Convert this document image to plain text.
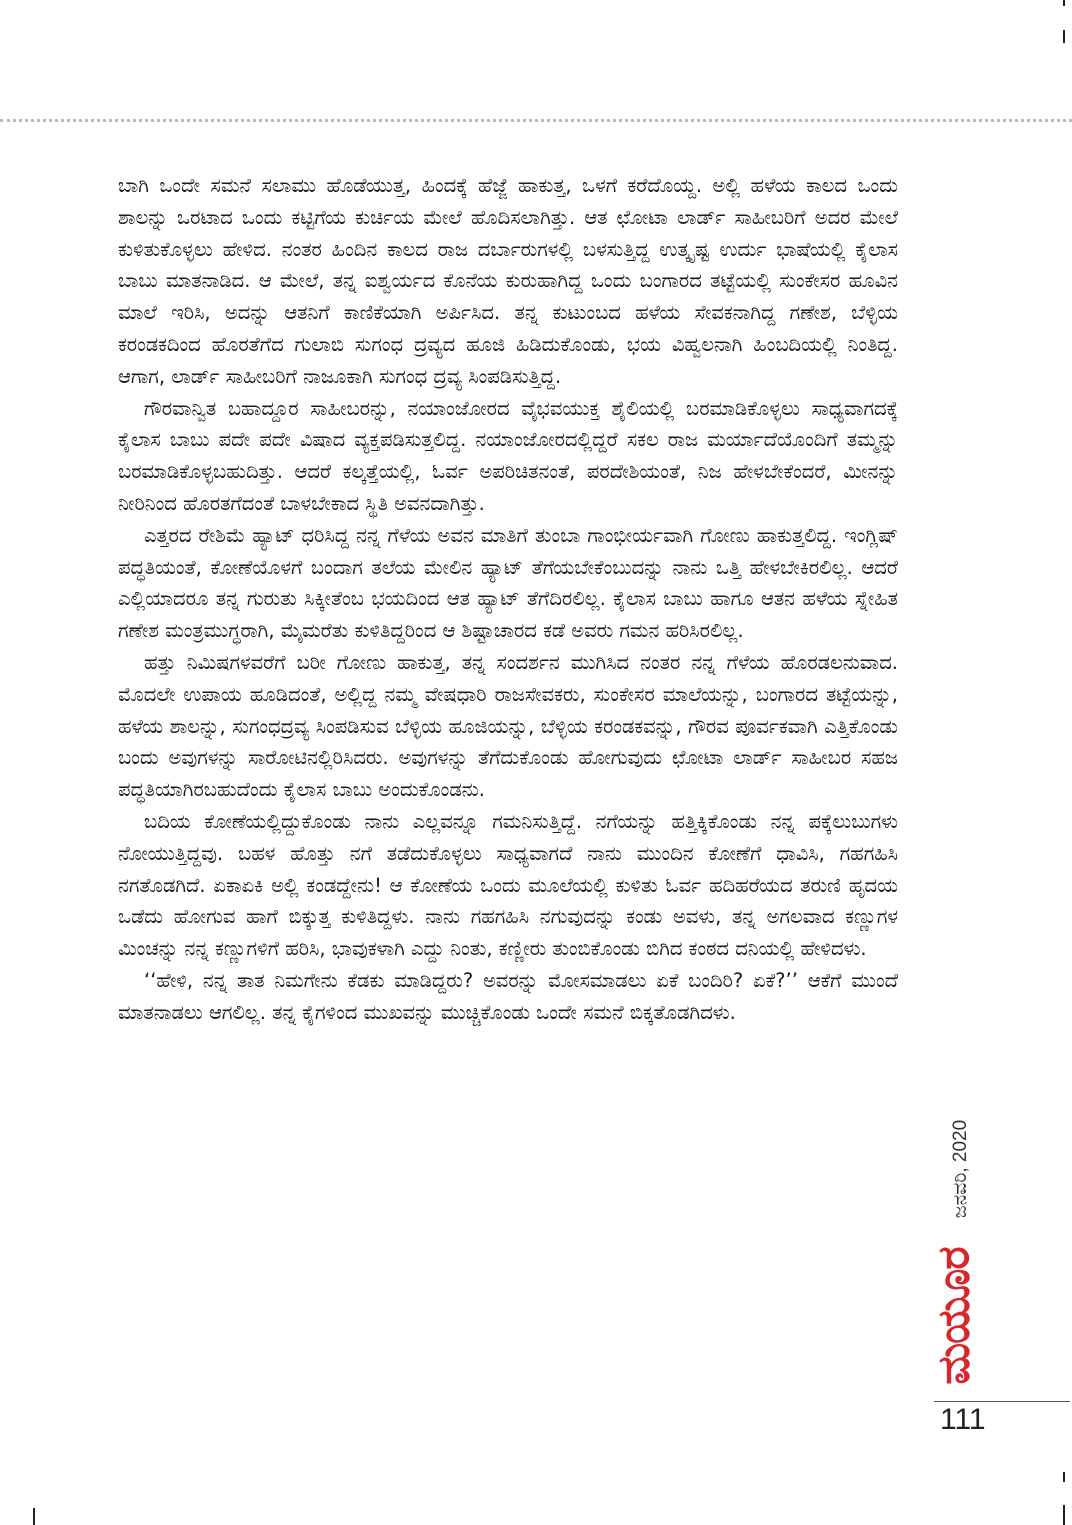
ಬಾಗಿ ಒಂದೇ ಸಮನೆ ಸಲಾಮು ಹೊಡೆಯುತ್ತ, ಹಿಂದಕ್ಕೆ ಹೆಜ್ಜೆ ಹಾಕುತ್ತ, ಒಳಗೆ ಕರೆದೊಯ್ದ. ಅಲ್ಲಿ ಹಳೆಯ ಕಾಲದ ಒಂದು ಶಾಲನ್ನು ಒರಟಾದ ಒಂದು ಕಟ್ಟಿಗೆಯ ಕುರ್ಚಿಯ ಮೇಲೆ ಹೊದಿಸಲಾಗಿತ್ತು. ಆತ ಛೋಟಾ ಲಾರ್ಡ್ ಸಾಹೀಬರಿಗೆ ಅದರ ಮೇಲೆ ಕುಳಿತುಕೊಳ್ಳಲು ಹೇಳಿದ. ನಂತರ ಹಿಂದಿನ ಕಾಲದ ರಾಜ ದರ್ಬಾರುಗಳಲ್ಲಿ ಬಳಸುತ್ತಿದ್ದ ಉತ್ಕೃಷ್ಟ ಉರ್ದು ಭಾಷೆಯಲ್ಲಿ ಕೈಲಾಸ ಬಾಬು ಮಾತನಾಡಿದ. ಆ ಮೇಲೆ, ತನ್ನ ಐಶ್ವರ್ಯದ ಕೊನೆಯ ಕುರುಹಾಗಿದ್ದ ಒಂದು ಬಂಗಾರದ ತಟ್ಟೆಯಲ್ಲಿ ಸುಂಕೇಸರ ಹೂವಿನ ಮಾಲೆ ಇರಿಸಿ, ಅದನ್ನು ಆತನಿಗೆ ಕಾಣಿಕೆಯಾಗಿ ಅರ್ಪಿಸಿದ. ತನ್ನ ಕುಟುಂಬದ ಹಳೆಯ ಸೇವಕನಾಗಿದ್ದ ಗಣೇಶ, ಬೆಳ್ಳಿಯ ಕರಂಡಕದಿಂದ ಹೊರತೆಗೆದ ಗುಲಾಬಿ ಸುಗಂಧ ದ್ರವ್ಯದ ಹೂಜಿ ಹಿಡಿದುಕೊಂಡು, ಭಯ ವಿಹ್ವಲನಾಗಿ ಹಿಂಬದಿಯಲ್ಲಿ ನಿಂತಿದ್ದ. ಆಗಾಗ, ಲಾರ್ಡ್ ಸಾಹೀಬರಿಗೆ ನಾಜೂಕಾಗಿ ಸುಗಂಧ ದ್ರವ್ಯ ಸಿಂಪಡಿಸುತ್ತಿದ್ದ.

ಗೌರವಾನ್ವಿತ ಬಹಾದ್ದೂರ ಸಾಹೀಬರನ್ನು, ನಯಾಂಜೋರದ ವೈಭವಯುಕ್ತ ಶೈಲಿಯಲ್ಲಿ ಬರಮಾಡಿಕೊಳ್ಳಲು ಸಾಧ್ಯವಾಗದಕ್ಕೆ ಕೈಲಾಸ ಬಾಬು ಪದೇ ಪದೇ ವಿಷಾದ ವ್ಯಕ್ತಪಡಿಸುತ್ತಲಿದ್ದ. ನಯಾಂಜೋರದಲ್ಲಿದ್ದರೆ ಸಕಲ ರಾಜ ಮರ್ಯಾದೆಯೊಂದಿಗೆ ತಮ್ಮನ್ನು ಬರಮಾಡಿಕೊಳ್ಳಬಹುದಿತ್ತು. ಆದರೆ ಕಲ್ಕತ್ತೆಯಲ್ಲಿ, ಓರ್ವ ಅಪರಿಚಿತನಂತೆ, ಪರದೇಶಿಯಂತೆ, ನಿಜ ಹೇಳಬೇಕೆಂದರೆ, ಮೀನನ್ನು ನೀರಿನಿಂದ ಹೊರತಗೆದಂತೆ ಬಾಳಬೇಕಾದ ಸ್ಥಿತಿ ಅವನದಾಗಿತ್ತು.

ಎತ್ತರದ ರೇಶಿಮೆ ಹ್ಯಾಟ್ ಧರಿಸಿದ್ದ ನನ್ನ ಗೆಳೆಯ ಅವನ ಮಾತಿಗೆ ತುಂಬಾ ಗಾಂಭೀರ್ಯವಾಗಿ ಗೋಣು ಹಾಕುತ್ತಲಿದ್ದ. ಇಂಗ್ಲಿಷ್ ಪದ್ಧತಿಯಂತೆ, ಕೋಣೆಯೊಳಗೆ ಬಂದಾಗ ತಲೆಯ ಮೇಲಿನ ಹ್ಯಾಟ್ ತೆಗೆಯಬೇಕೆಂಬುದನ್ನು ನಾನು ಒತ್ತಿ ಹೇಳಬೇಕಿರಲಿಲ್ಲ. ಆದರೆ ಎಲ್ಲಿಯಾದರೂ ತನ್ನ ಗುರುತು ಸಿಕ್ಕೀತೆಂಬ ಭಯದಿಂದ ಆತ ಹ್ಯಾಟ್ ತೆಗೆದಿರಲಿಲ್ಲ. ಕೈಲಾಸ ಬಾಬು ಹಾಗೂ ಆತನ ಹಳೆಯ ಸ್ನೇಹಿತ ಗಣೇಶ ಮಂತ್ರಮುಗ್ಧರಾಗಿ, ಮೈಮರೆತು ಕುಳಿತಿದ್ದರಿಂದ ಆ ಶಿಷ್ಟಾಚಾರದ ಕಡೆ ಅವರು ಗಮನ ಹರಿಸಿರಲಿಲ್ಲ.

ಹತ್ತು ನಿಮಿಷಗಳವರೆಗೆ ಬರೀ ಗೋಣು ಹಾಕುತ್ತ, ತನ್ನ ಸಂದರ್ಶನ ಮುಗಿಸಿದ ನಂತರ ನನ್ನ ಗೆಳೆಯ ಹೊರಡಲನುವಾದ. ಮೊದಲೇ ಉಪಾಯ ಹೂಡಿದಂತೆ, ಅಲ್ಲಿದ್ದ ನಮ್ಮ ವೇಷಧಾರಿ ರಾಜಸೇವಕರು, ಸುಂಕೇಸರ ಮಾಲೆಯನ್ನು, ಬಂಗಾರದ ತಟ್ಟೆಯನ್ನು, ಹಳೆಯ ಶಾಲನ್ನು, ಸುಗಂಧದ್ರವ್ಯ ಸಿಂಪಡಿಸುವ ಬೆಳ್ಳಿಯ ಹೂಜಿಯನ್ನು, ಬೆಳ್ಳಿಯ ಕರಂಡಕವನ್ನು, ಗೌರವ ಪೂರ್ವಕವಾಗಿ ಎತ್ತಿಕೊಂಡು ಬಂದು ಅವುಗಳನ್ನು ಸಾರೋಟಿನಲ್ಲಿರಿಸಿದರು. ಅವುಗಳನ್ನು ತೆಗೆದುಕೊಂಡು ಹೋಗುವುದು ಛೋಟಾ ಲಾರ್ಡ್ ಸಾಹೀಬರ ಸಹಜ ಪದ್ಧತಿಯಾಗಿರಬಹುದೆಂದು ಕೈಲಾಸ ಬಾಬು ಅಂದುಕೊಂಡನು.

ಬದಿಯ ಕೋಣೆಯಲ್ಲಿದ್ದುಕೊಂಡು ನಾನು ಎಲ್ಲವನ್ನೂ ಗಮನಿಸುತ್ತಿದ್ದೆ. ನಗೆಯನ್ನು ಹತ್ತಿಕ್ಕಿಕೊಂಡು ನನ್ನ ಪಕ್ಕೆಲುಬುಗಳು ನೋಯುತ್ತಿದ್ದವು. ಬಹಳ ಹೊತ್ತು ನಗೆ ತಡೆದುಕೊಳ್ಳಲು ಸಾಧ್ಯವಾಗದೆ ನಾನು ಮುಂದಿನ ಕೋಣೆಗೆ ಧಾವಿಸಿ, ಗಹಗಹಿಸಿ ನಗತೊಡಗಿದೆ. ಏಕಾಏಕಿ ಅಲ್ಲಿ ಕಂಡದ್ದೇನು! ಆ ಕೋಣೆಯ ಒಂದು ಮೂಲೆಯಲ್ಲಿ ಕುಳಿತು ಓರ್ವ ಹದಿಹರೆಯದ ತರುಣಿ ಹೃದಯ ಒಡೆದು ಹೋಗುವ ಹಾಗೆ ಬಿಕ್ಕುತ್ತ ಕುಳಿತಿದ್ದಳು. ನಾನು ಗಹಗಹಿಸಿ ನಗುವುದನ್ನು ಕಂಡು ಅವಳು, ತನ್ನ ಅಗಲವಾದ ಕಣ್ಣುಗಳ ಮಿಂಚನ್ನು ನನ್ನ ಕಣ್ಣುಗಳಿಗೆ ಹರಿಸಿ, ಭಾವುಕಳಾಗಿ ಎದ್ದು ನಿಂತು, ಕಣ್ಣೀರು ತುಂಬಿಕೊಂಡು ಬಿಗಿದ ಕಂಠದ ದನಿಯಲ್ಲಿ ಹೇಳಿದಳು.

‘‘ಹೇಳಿ, ನನ್ನ ತಾತ ನಿಮಗೇನು ಕೆಡಕು ಮಾಡಿದ್ದರು? ಅವರನ್ನು ಮೋಸಮಾಡಲು ಏಕೆ ಬಂದಿರಿ? ಏಕೆ?’’ ಆಕೆಗೆ ಮುಂದೆ ಮಾತನಾಡಲು ಆಗಲಿಲ್ಲ. ತನ್ನ ಕೈಗಳಿಂದ ಮುಖವನ್ನು ಮುಚ್ಚಿಕೊಂಡು ಒಂದೇ ಸಮನೆ ಬಿಕ್ಕತೊಡಗಿದಳು.

ಜನವರಿ, 2020
ಮಯೂರ
111
